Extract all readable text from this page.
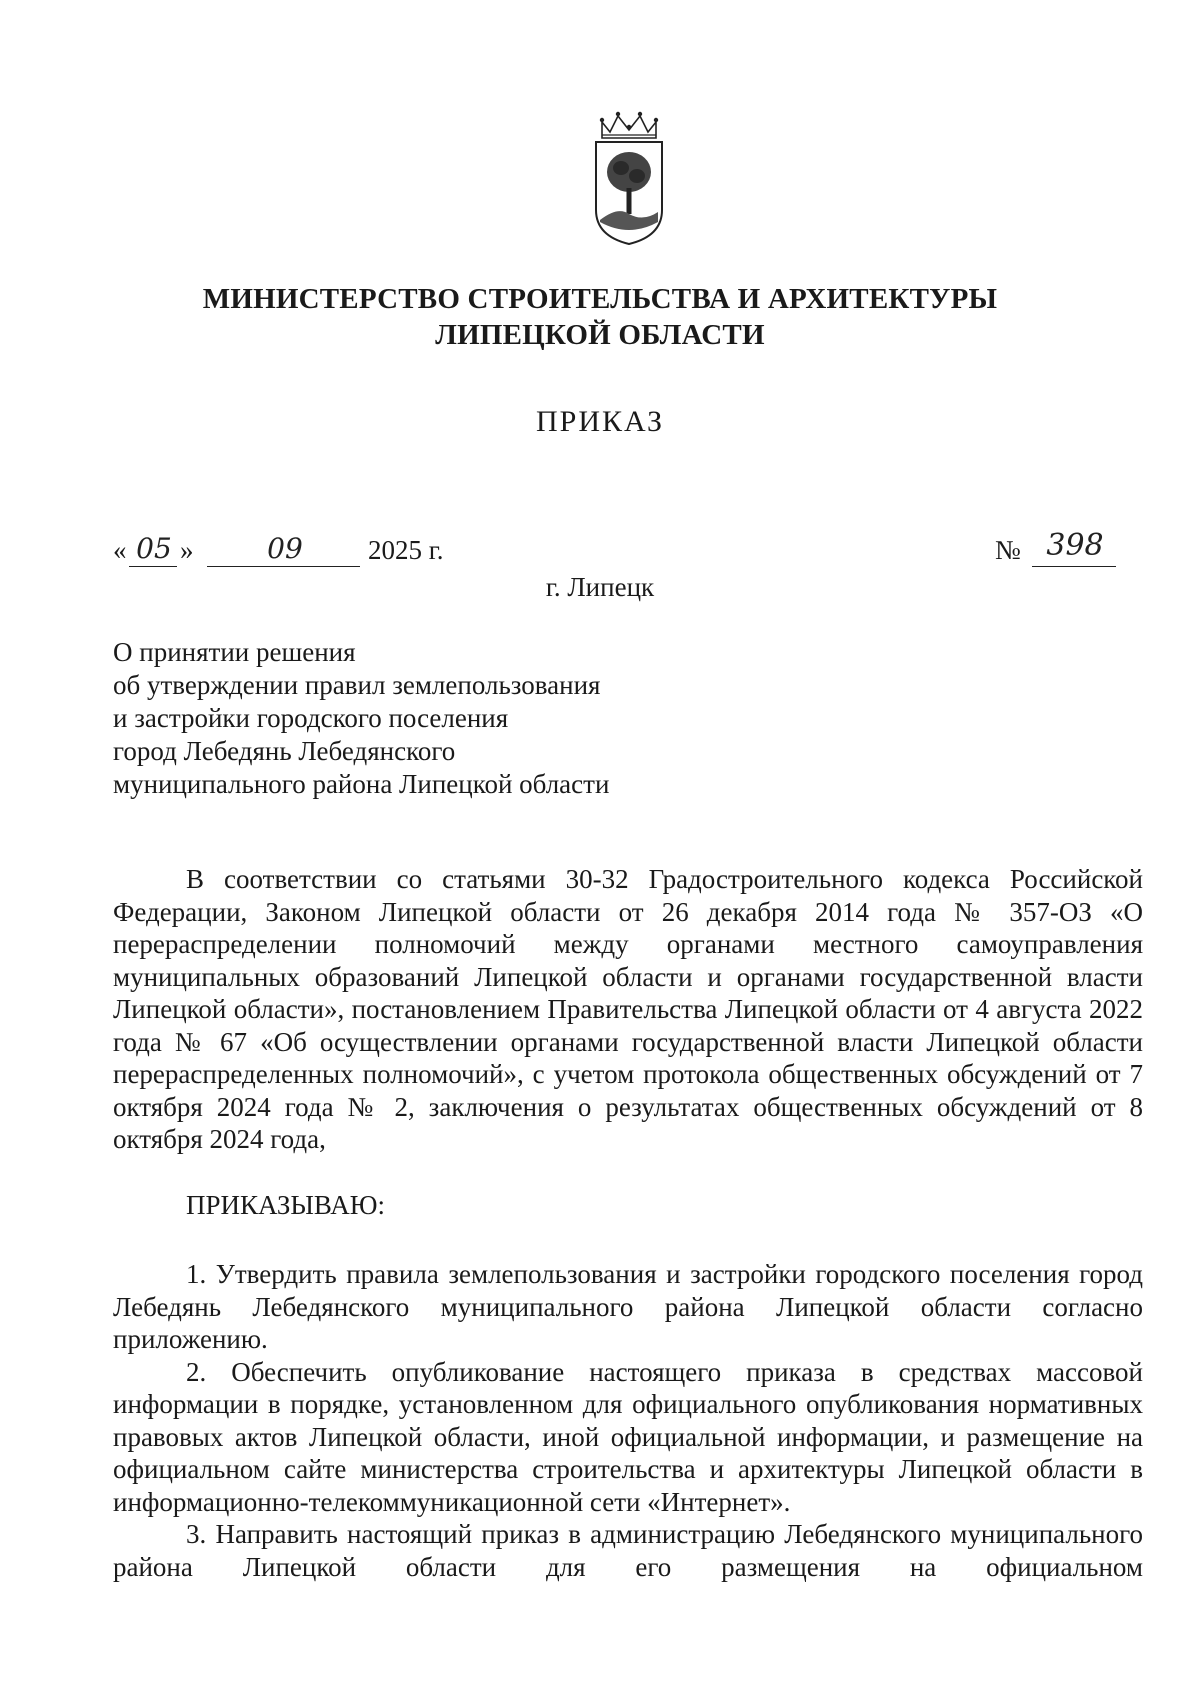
МИНИСТЕРСТВО СТРОИТЕЛЬСТВА И АРХИТЕКТУРЫ
ЛИПЕЦКОЙ ОБЛАСТИ
ПРИКАЗ
« 05 »	09	2025 г.	№ 398
г. Липецк
О принятии решения
об утверждении правил землепользования
и застройки городского поселения
город Лебедянь Лебедянского
муниципального района Липецкой области

В соответствии со статьями 30-32 Градостроительного кодекса Российской Федерации, Законом Липецкой области от 26 декабря 2014 года № 357-ОЗ «О перераспределении полномочий между органами местного самоуправления муниципальных образований Липецкой области и органами государственной власти Липецкой области», постановлением Правительства Липецкой области от 4 августа 2022 года № 67 «Об осуществлении органами государственной власти Липецкой области перераспределенных полномочий», с учетом протокола общественных обсуждений от 7 октября 2024 года № 2, заключения о результатах общественных обсуждений от 8 октября 2024 года,

ПРИКАЗЫВАЮ:

1. Утвердить правила землепользования и застройки городского поселения город Лебедянь Лебедянского муниципального района Липецкой области согласно приложению.

2. Обеспечить опубликование настоящего приказа в средствах массовой информации в порядке, установленном для официального опубликования нормативных правовых актов Липецкой области, иной официальной информации, и размещение на официальном сайте министерства строительства и архитектуры Липецкой области в информационно-телекоммуникационной сети «Интернет».

3. Направить настоящий приказ в администрацию Лебедянского муниципального района Липецкой области для его размещения на официальном
